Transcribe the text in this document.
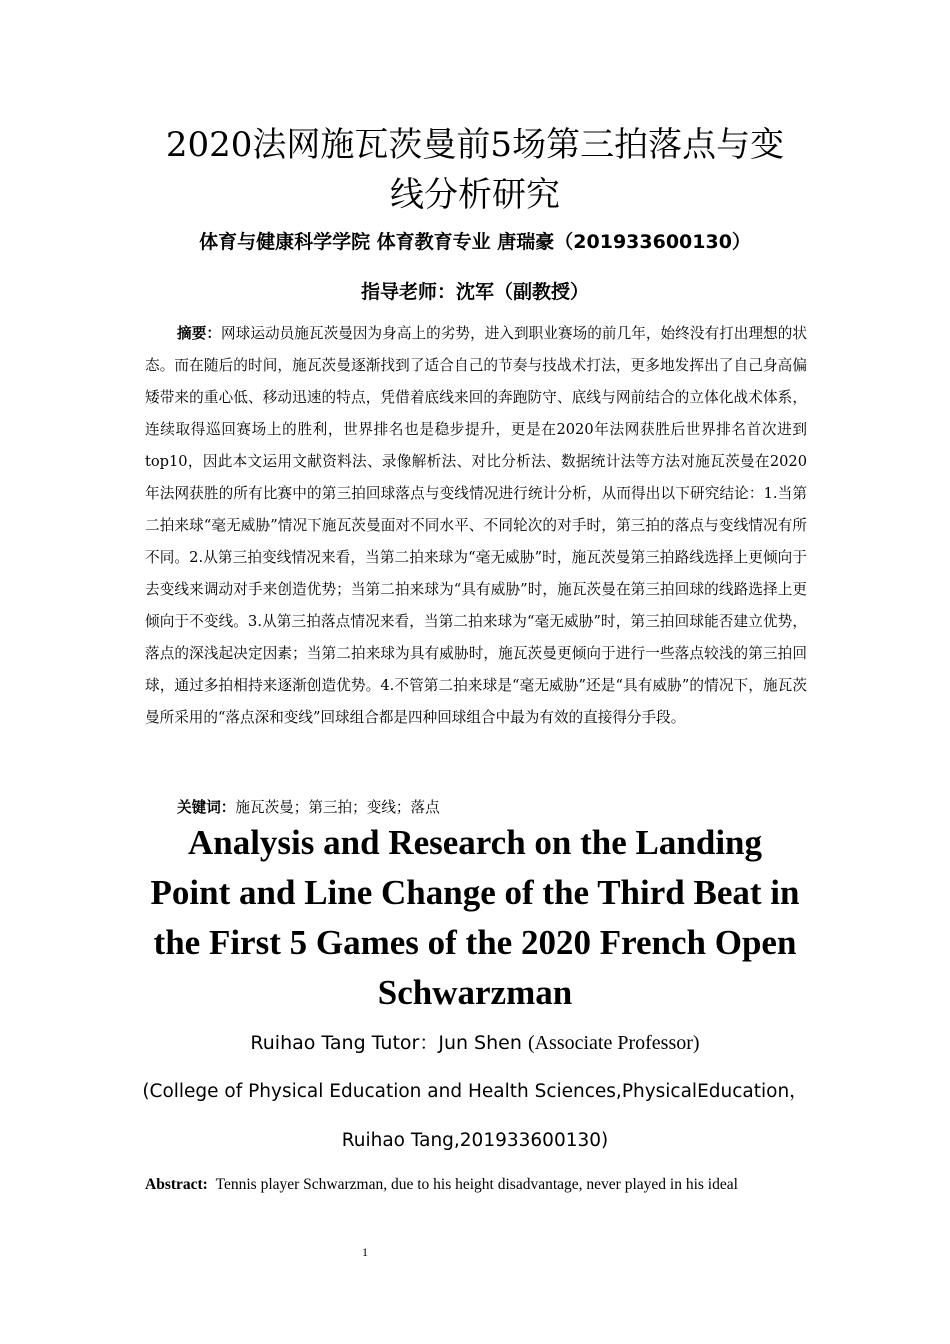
2020法网施瓦茨曼前5场第三拍落点与变
线分析研究
体育与健康科学学院 体育教育专业 唐瑞豪（201933600130）
指导老师：沈军（副教授）
摘要：网球运动员施瓦茨曼因为身高上的劣势，进入到职业赛场的前几年，始终没有打出理想的状态。而在随后的时间，施瓦茨曼逐渐找到了适合自己的节奏与技战术打法，更多地发挥出了自己身高偏矮带来的重心低、移动迅速的特点，凭借着底线来回的奔跑防守、底线与网前结合的立体化战术体系，连续取得巡回赛场上的胜利，世界排名也是稳步提升，更是在2020年法网获胜后世界排名首次进到top10，因此本文运用文献资料法、录像解析法、对比分析法、数据统计法等方法对施瓦茨曼在2020年法网获胜的所有比赛中的第三拍回球落点与变线情况进行统计分析，从而得出以下研究结论：1.当第二拍来球“毫无威胁”情况下施瓦茨曼面对不同水平、不同轮次的对手时，第三拍的落点与变线情况有所不同。2.从第三拍变线情况来看，当第二拍来球为“毫无威胁”时，施瓦茨曼第三拍路线选择上更倾向于去变线来调动对手来创造优势；当第二拍来球为“具有威胁”时，施瓦茨曼在第三拍回球的线路选择上更倾向于不变线。3.从第三拍落点情况来看，当第二拍来球为“毫无威胁”时，第三拍回球能否建立优势，落点的深浅起决定因素；当第二拍来球为具有威胁时，施瓦茨曼更倾向于进行一些落点较浅的第三拍回球，通过多拍相持来逐渐创造优势。4.不管第二拍来球是“毫无威胁”还是“具有威胁”的情况下，施瓦茨曼所采用的“落点深和变线”回球组合都是四种回球组合中最为有效的直接得分手段。
关键词：施瓦茨曼；第三拍；变线；落点
Analysis and Research on the Landing
Point and Line Change of the Third Beat in
the First 5 Games of the 2020 French Open
Schwarzman
Ruihao Tang Tutor：Jun Shen (Associate Professor)
(College of Physical Education and Health Sciences,PhysicalEducation，
Ruihao Tang,201933600130)
Abstract: Tennis player Schwarzman, due to his height disadvantage, never played in his ideal
1
